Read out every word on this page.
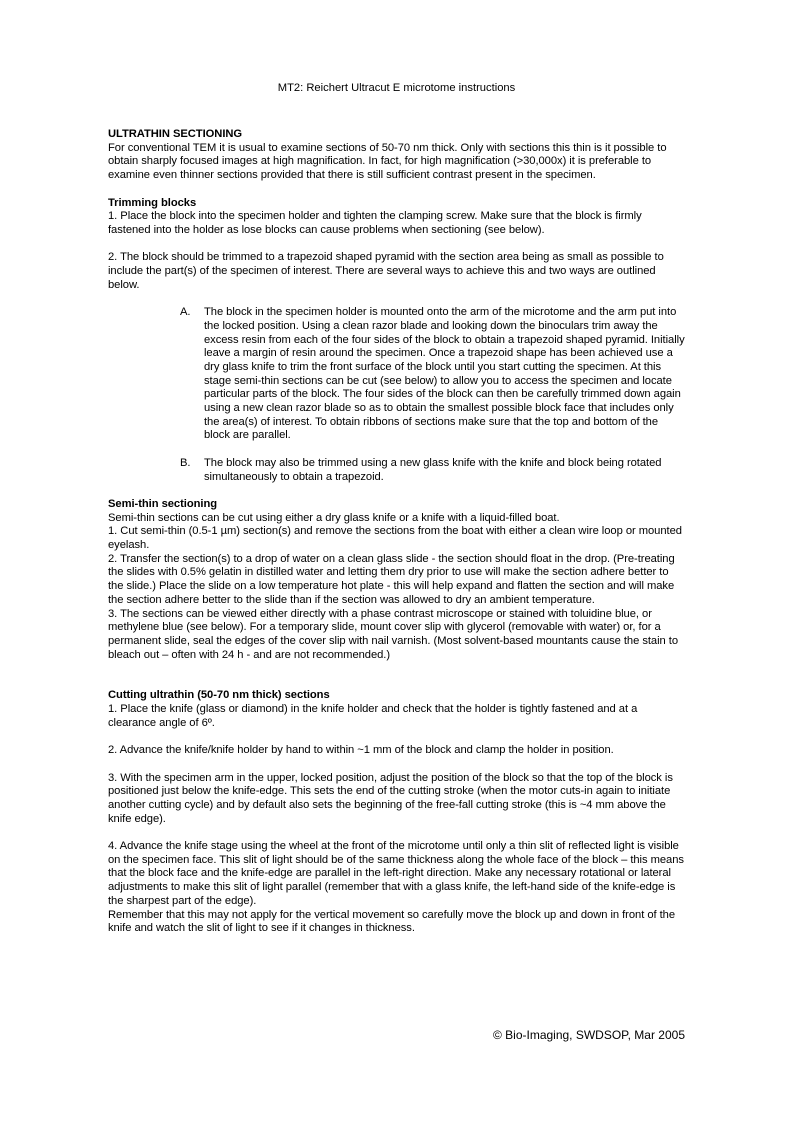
MT2: Reichert Ultracut E microtome instructions

ULTRATHIN SECTIONING

For conventional TEM it is usual to examine sections of 50-70 nm thick. Only with sections this thin is it possible to obtain sharply focused images at high magnification. In fact, for high magnification (>30,000x) it is preferable to examine even thinner sections provided that there is still sufficient contrast present in the specimen.

Trimming blocks

1. Place the block into the specimen holder and tighten the clamping screw. Make sure that the block is firmly fastened into the holder as lose blocks can cause problems when sectioning (see below).

2. The block should be trimmed to a trapezoid shaped pyramid with the section area being as small as possible to include the part(s) of the specimen of interest. There are several ways to achieve this and two ways are outlined below.

A. The block in the specimen holder is mounted onto the arm of the microtome and the arm put into the locked position. Using a clean razor blade and looking down the binoculars trim away the excess resin from each of the four sides of the block to obtain a trapezoid shaped pyramid. Initially leave a margin of resin around the specimen. Once a trapezoid shape has been achieved use a dry glass knife to trim the front surface of the block until you start cutting the specimen. At this stage semi-thin sections can be cut (see below) to allow you to access the specimen and locate particular parts of the block. The four sides of the block can then be carefully trimmed down again using a new clean razor blade so as to obtain the smallest possible block face that includes only the area(s) of interest. To obtain ribbons of sections make sure that the top and bottom of the block are parallel.

B. The block may also be trimmed using a new glass knife with the knife and block being rotated simultaneously to obtain a trapezoid.

Semi-thin sectioning

Semi-thin sections can be cut using either a dry glass knife or a knife with a liquid-filled boat.

1. Cut semi-thin (0.5-1 µm) section(s) and remove the sections from the boat with either a clean wire loop or mounted eyelash.

2. Transfer the section(s) to a drop of water on a clean glass slide - the section should float in the drop. (Pre-treating the slides with 0.5% gelatin in distilled water and letting them dry prior to use will make the section adhere better to the slide.) Place the slide on a low temperature hot plate - this will help expand and flatten the section and will make the section adhere better to the slide than if the section was allowed to dry an ambient temperature.

3. The sections can be viewed either directly with a phase contrast microscope or stained with toluidine blue, or methylene blue (see below). For a temporary slide, mount cover slip with glycerol (removable with water) or, for a permanent slide, seal the edges of the cover slip with nail varnish. (Most solvent-based mountants cause the stain to bleach out – often with 24 h - and are not recommended.)

Cutting ultrathin (50-70 nm thick) sections

1. Place the knife (glass or diamond) in the knife holder and check that the holder is tightly fastened and at a clearance angle of 6º.

2. Advance the knife/knife holder by hand to within ~1 mm of the block and clamp the holder in position.

3. With the specimen arm in the upper, locked position, adjust the position of the block so that the top of the block is positioned just below the knife-edge. This sets the end of the cutting stroke (when the motor cuts-in again to initiate another cutting cycle) and by default also sets the beginning of the free-fall cutting stroke (this is ~4 mm above the knife edge).

4. Advance the knife stage using the wheel at the front of the microtome until only a thin slit of reflected light is visible on the specimen face. This slit of light should be of the same thickness along the whole face of the block – this means that the block face and the knife-edge are parallel in the left-right direction. Make any necessary rotational or lateral adjustments to make this slit of light parallel (remember that with a glass knife, the left-hand side of the knife-edge is the sharpest part of the edge).

Remember that this may not apply for the vertical movement so carefully move the block up and down in front of the knife and watch the slit of light to see if it changes in thickness.

© Bio-Imaging, SWDSOP, Mar 2005
